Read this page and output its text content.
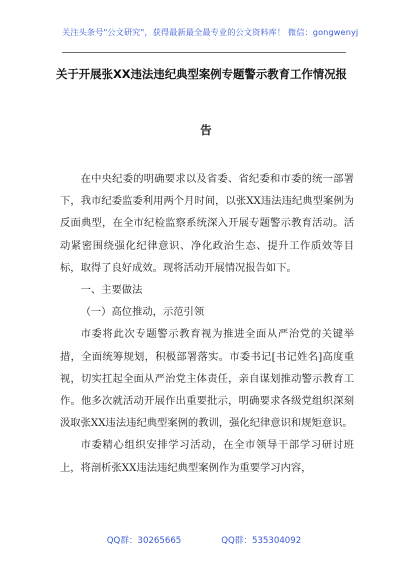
关注头条号"公文研究"，获得最新最全最专业的公文资料库！ 微信：gongwenyj
关于开展张XX违法违纪典型案例专题警示教育工作情况报
告

在中央纪委的明确要求以及省委、省纪委和市委的统一部署下，我市纪委监委利用两个月时间，以张XX违法违纪典型案例为反面典型，在全市纪检监察系统深入开展专题警示教育活动。活动紧密围绕强化纪律意识、净化政治生态、提升工作质效等目标，取得了良好成效。现将活动开展情况报告如下。

一、主要做法

（一）高位推动，示范引领

市委将此次专题警示教育视为推进全面从严治党的关键举措，全面统筹规划，积极部署落实。市委书记[书记姓名]高度重视，切实扛起全面从严治党主体责任，亲自谋划推动警示教育工作。他多次就活动开展作出重要批示，明确要求各级党组织深刻汲取张XX违法违纪典型案例的教训，强化纪律意识和规矩意识。

市委精心组织安排学习活动，在全市领导干部学习研讨班上，将剖析张XX违法违纪典型案例作为重要学习内容，

QQ群：30265665	QQ群：535304092
